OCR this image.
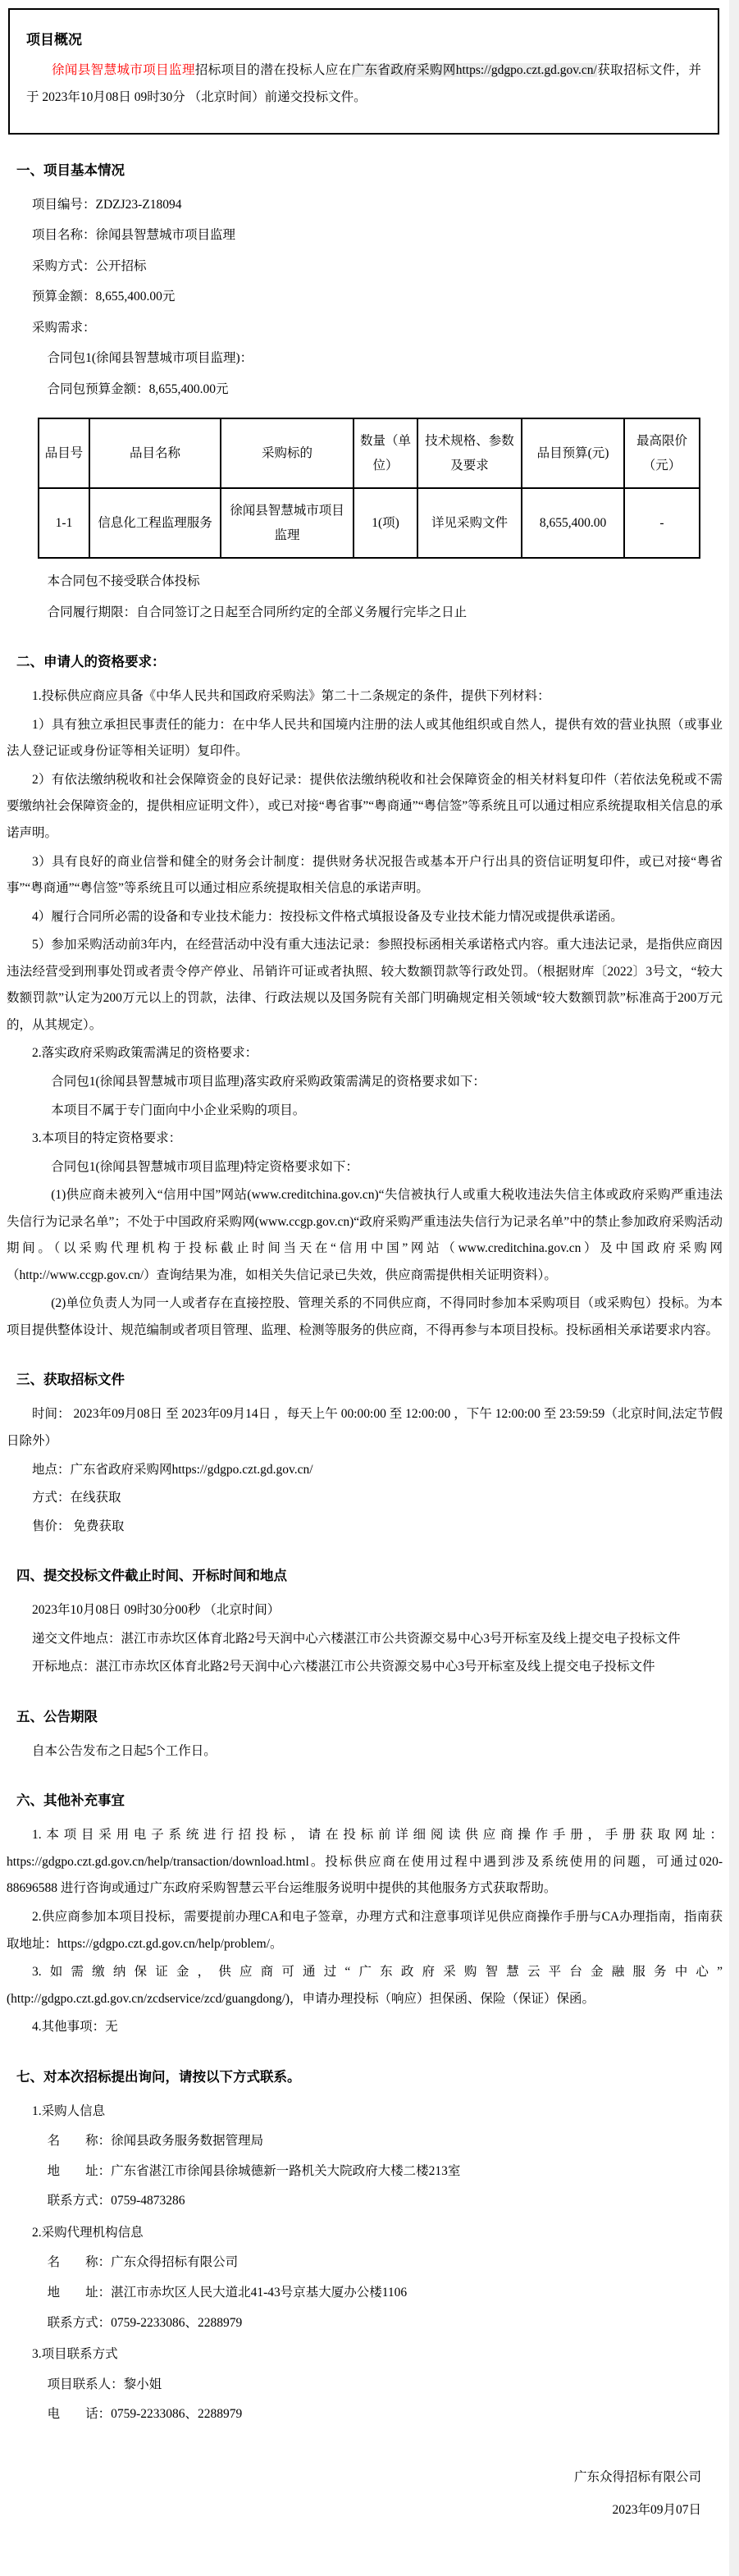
项目概况

徐闻县智慧城市项目监理招标项目的潜在投标人应在广东省政府采购网https://gdgpo.czt.gd.gov.cn/获取招标文件，并于 2023年10月08日 09时30分 （北京时间）前递交投标文件。

一、项目基本情况
项目编号：ZDZJ23-Z18094
项目名称：徐闻县智慧城市项目监理
采购方式：公开招标
预算金额：8,655,400.00元
采购需求：
合同包1(徐闻县智慧城市项目监理)：
合同包预算金额：8,655,400.00元
品目号	品目名称	采购标的	数量（单位）	技术规格、参数及要求	品目预算(元)	最高限价（元）
1-1	信息化工程监理服务	徐闻县智慧城市项目监理	1(项)	详见采购文件	8,655,400.00	-
本合同包不接受联合体投标
合同履行期限：自合同签订之日起至合同所约定的全部义务履行完毕之日止
二、申请人的资格要求：

1.投标供应商应具备《中华人民共和国政府采购法》第二十二条规定的条件，提供下列材料：

1）具有独立承担民事责任的能力：在中华人民共和国境内注册的法人或其他组织或自然人，提供有效的营业执照（或事业法人登记证或身份证等相关证明）复印件。

2）有依法缴纳税收和社会保障资金的良好记录：提供依法缴纳税收和社会保障资金的相关材料复印件（若依法免税或不需要缴纳社会保障资金的，提供相应证明文件），或已对接“粤省事”“粤商通”“粤信签”等系统且可以通过相应系统提取相关信息的承诺声明。

3）具有良好的商业信誉和健全的财务会计制度：提供财务状况报告或基本开户行出具的资信证明复印件，或已对接“粤省事”“粤商通”“粤信签”等系统且可以通过相应系统提取相关信息的承诺声明。

4）履行合同所必需的设备和专业技术能力：按投标文件格式填报设备及专业技术能力情况或提供承诺函。

5）参加采购活动前3年内，在经营活动中没有重大违法记录：参照投标函相关承诺格式内容。重大违法记录，是指供应商因违法经营受到刑事处罚或者责令停产停业、吊销许可证或者执照、较大数额罚款等行政处罚。（根据财库〔2022〕3号文，“较大数额罚款”认定为200万元以上的罚款，法律、行政法规以及国务院有关部门明确规定相关领域“较大数额罚款”标准高于200万元的，从其规定）。

2.落实政府采购政策需满足的资格要求：

合同包1(徐闻县智慧城市项目监理)落实政府采购政策需满足的资格要求如下：

本项目不属于专门面向中小企业采购的项目。

3.本项目的特定资格要求：

合同包1(徐闻县智慧城市项目监理)特定资格要求如下：

(1)供应商未被列入“信用中国”网站(www.creditchina.gov.cn)“失信被执行人或重大税收违法失信主体或政府采购严重违法失信行为记录名单”；不处于中国政府采购网(www.ccgp.gov.cn)“政府采购严重违法失信行为记录名单”中的禁止参加政府采购活动期间。（以采购代理机构于投标截止时间当天在“信用中国”网站（www.creditchina.gov.cn）及中国政府采购网（http://www.ccgp.gov.cn/）查询结果为准，如相关失信记录已失效，供应商需提供相关证明资料）。

(2)单位负责人为同一人或者存在直接控股、管理关系的不同供应商，不得同时参加本采购项目（或采购包）投标。为本项目提供整体设计、规范编制或者项目管理、监理、检测等服务的供应商，不得再参与本项目投标。投标函相关承诺要求内容。

三、获取招标文件

时间： 2023年09月08日 至 2023年09月14日 ，每天上午 00:00:00 至 12:00:00 ，下午 12:00:00 至 23:59:59（北京时间,法定节假日除外）

地点：广东省政府采购网https://gdgpo.czt.gd.gov.cn/

方式：在线获取

售价： 免费获取

四、提交投标文件截止时间、开标时间和地点

2023年10月08日 09时30分00秒 （北京时间）

递交文件地点：湛江市赤坎区体育北路2号天润中心六楼湛江市公共资源交易中心3号开标室及线上提交电子投标文件

开标地点：湛江市赤坎区体育北路2号天润中心六楼湛江市公共资源交易中心3号开标室及线上提交电子投标文件

五、公告期限

自本公告发布之日起5个工作日。

六、其他补充事宜

1.本项目采用电子系统进行招投标，请在投标前详细阅读供应商操作手册，手册获取网址：https://gdgpo.czt.gd.gov.cn/help/transaction/download.html。投标供应商在使用过程中遇到涉及系统使用的问题，可通过020-88696588 进行咨询或通过广东政府采购智慧云平台运维服务说明中提供的其他服务方式获取帮助。

2.供应商参加本项目投标，需要提前办理CA和电子签章，办理方式和注意事项详见供应商操作手册与CA办理指南，指南获取地址：https://gdgpo.czt.gd.gov.cn/help/problem/。

3.如需缴纳保证金，供应商可通过“广东政府采购智慧云平台金融服务中心”(http://gdgpo.czt.gd.gov.cn/zcdservice/zcd/guangdong/)，申请办理投标（响应）担保函、保险（保证）保函。

4.其他事项：无

七、对本次招标提出询问，请按以下方式联系。
1.采购人信息
名　　称：徐闻县政务服务数据管理局
地　　址：广东省湛江市徐闻县徐城德新一路机关大院政府大楼二楼213室
联系方式：0759-4873286
2.采购代理机构信息
名　　称：广东众得招标有限公司
地　　址：湛江市赤坎区人民大道北41-43号京基大厦办公楼1106
联系方式：0759-2233086、2288979
3.项目联系方式
项目联系人：黎小姐
电　　话：0759-2233086、2288979
广东众得招标有限公司
2023年09月07日
